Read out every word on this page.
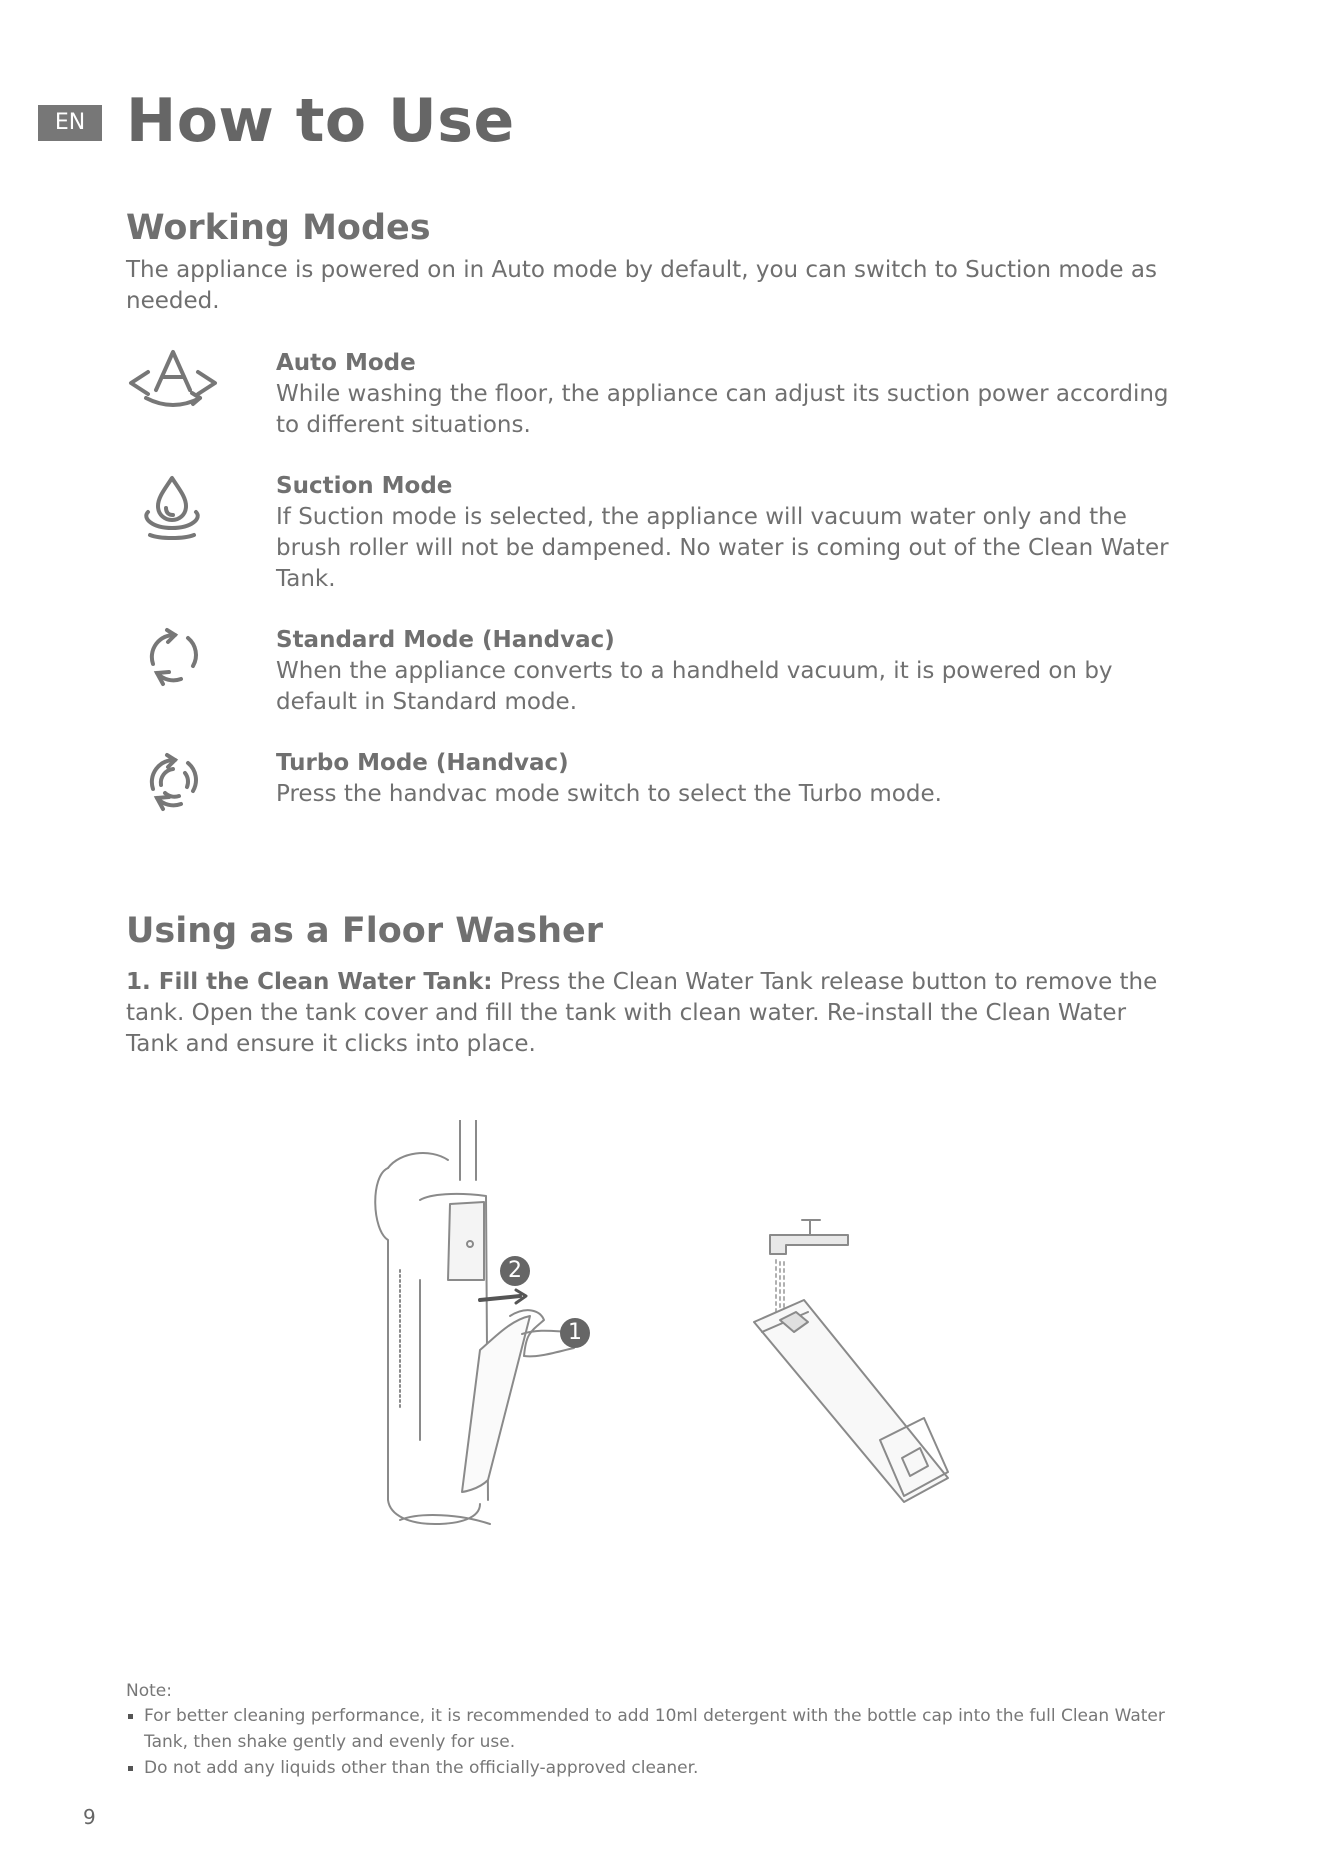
EN How to Use
Working Modes

The appliance is powered on in Auto mode by default, you can switch to Suction mode as needed.

Auto Mode

While washing the floor, the appliance can adjust its suction power according to different situations.

Suction Mode

If Suction mode is selected, the appliance will vacuum water only and the brush roller will not be dampened. No water is coming out of the Clean Water Tank.

Standard Mode (Handvac)

When the appliance converts to a handheld vacuum, it is powered on by default in Standard mode.

Turbo Mode (Handvac)

Press the handvac mode switch to select the Turbo mode.

Using as a Floor Washer

1. Fill the Clean Water Tank: Press the Clean Water Tank release button to remove the tank. Open the tank cover and fill the tank with clean water. Re-install the Clean Water Tank and ensure it clicks into place.

2
1
Note:
For better cleaning performance, it is recommended to add 10ml detergent with the bottle cap into the full Clean Water Tank, then shake gently and evenly for use.
Do not add any liquids other than the officially-approved cleaner.
9
